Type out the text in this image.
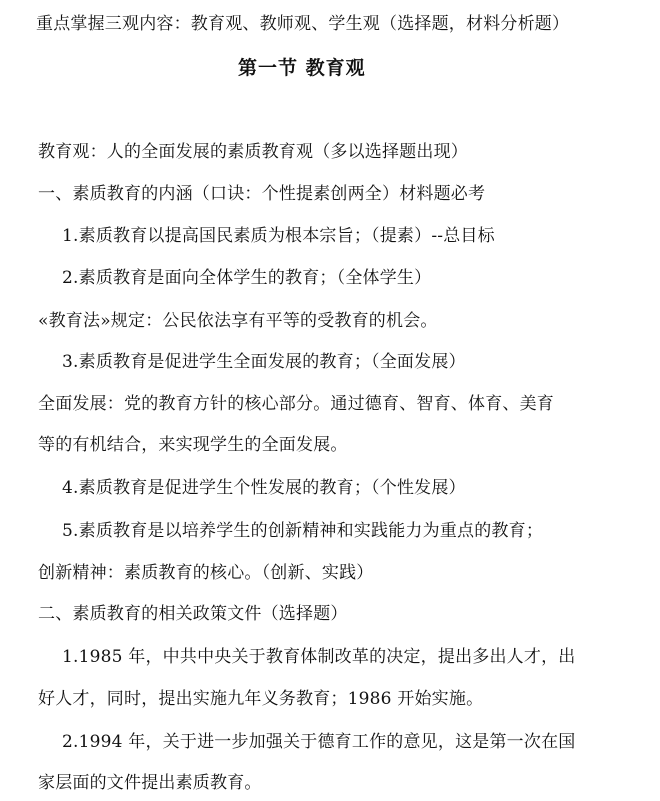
重点掌握三观内容：教育观、教师观、学生观（选择题，材料分析题）
第一节 教育观
教育观：人的全面发展的素质教育观（多以选择题出现）
一、素质教育的内涵（口诀：个性提素创两全）材料题必考
1.素质教育以提高国民素质为根本宗旨；（提素）--总目标
2.素质教育是面向全体学生的教育；（全体学生）
«教育法»规定：公民依法享有平等的受教育的机会。
3.素质教育是促进学生全面发展的教育；（全面发展）
全面发展：党的教育方针的核心部分。通过德育、智育、体育、美育
等的有机结合，来实现学生的全面发展。
4.素质教育是促进学生个性发展的教育；（个性发展）
5.素质教育是以培养学生的创新精神和实践能力为重点的教育；
创新精神：素质教育的核心。（创新、实践）
二、素质教育的相关政策文件（选择题）
1.1985 年，中共中央关于教育体制改革的决定，提出多出人才，出
好人才，同时，提出实施九年义务教育；1986 开始实施。
2.1994 年，关于进一步加强关于德育工作的意见，这是第一次在国
家层面的文件提出素质教育。
